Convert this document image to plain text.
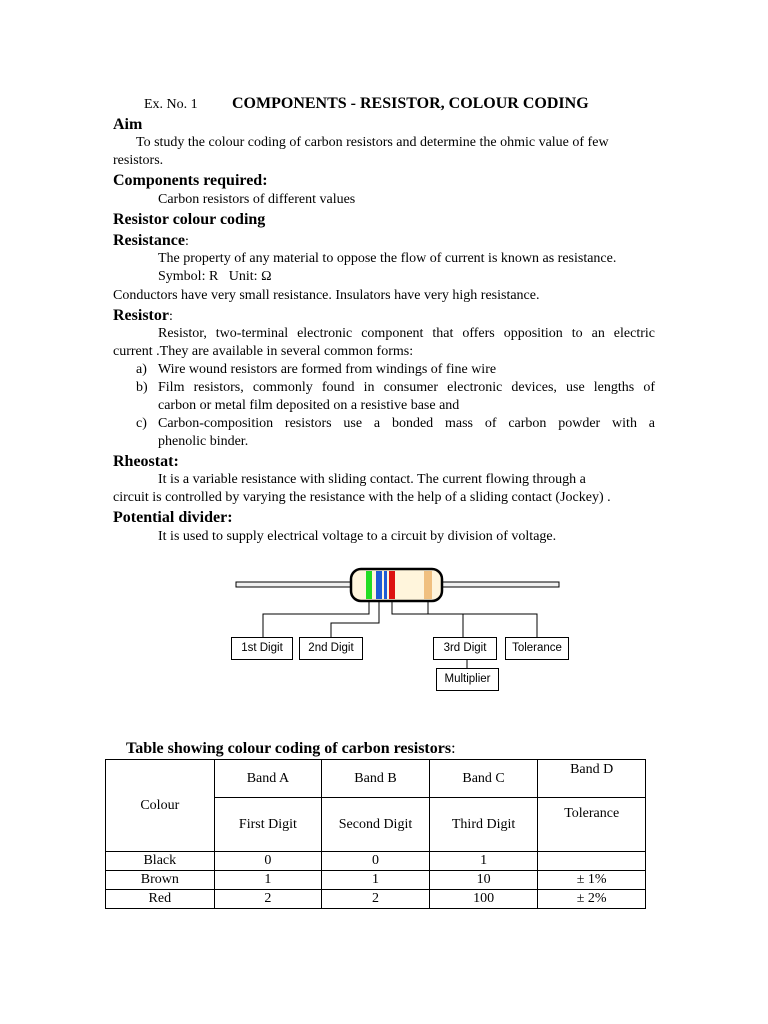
Ex. No. 1 COMPONENTS - RESISTOR, COLOUR CODING
Aim
To study the colour coding of carbon resistors and determine the ohmic value of few
resistors.
Components required:
Carbon resistors of different values
Resistor colour coding
Resistance:
The property of any material to oppose the flow of current is known as resistance.
Symbol: R   Unit: Ω
Conductors have very small resistance. Insulators have very high resistance.
Resistor:
Resistor, two-terminal electronic component that offers opposition to an electric
current .They are available in several common forms:
a) Wire wound resistors are formed from windings of fine wire
b) Film resistors, commonly found in consumer electronic devices, use lengths of
carbon or metal film deposited on a resistive base and
c) Carbon-composition resistors use a bonded mass of carbon powder with a
phenolic binder.
Rheostat:
It is a variable resistance with sliding contact. The current flowing through a
circuit is controlled by varying the resistance with the help of a sliding contact (Jockey) .
Potential divider:
It is used to supply electrical voltage to a circuit by division of voltage.
1st Digit	2nd Digit	3rd Digit	Tolerance
Multiplier
Table showing colour coding of carbon resistors:
Colour	Band A	Band B	Band C	Band D
	First Digit	Second Digit	Third Digit	Tolerance
Black	0	0	1	
Brown	1	1	10	± 1%
Red	2	2	100	± 2%
